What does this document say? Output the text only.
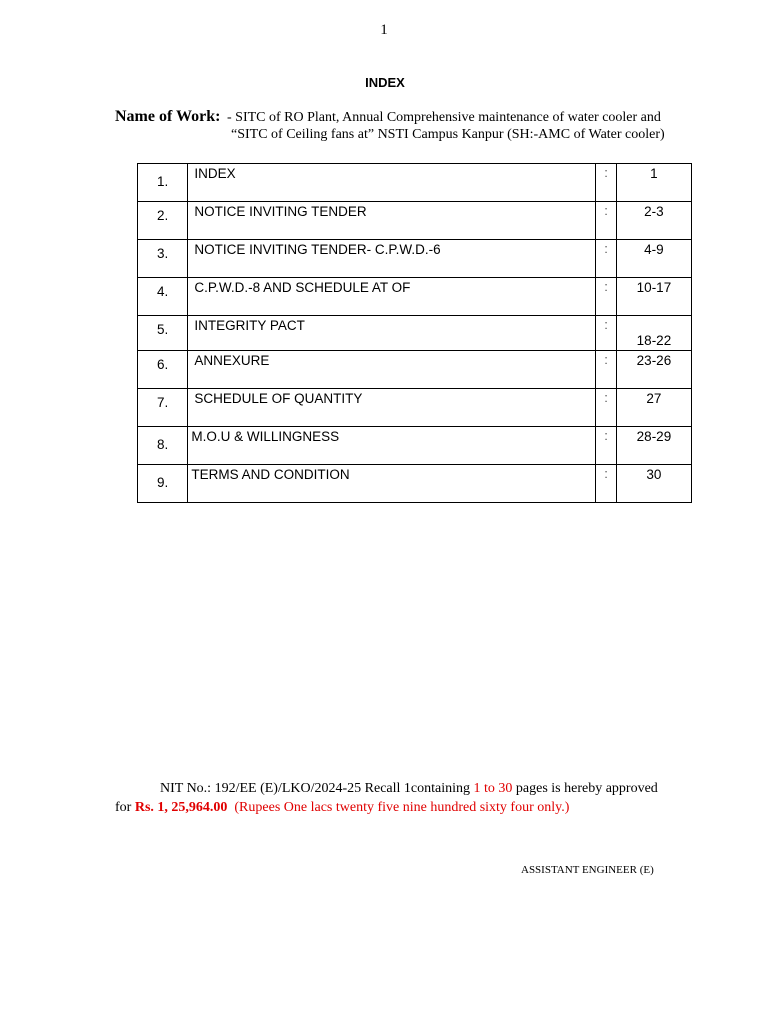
1
INDEX
Name of Work: - SITC of RO Plant, Annual Comprehensive maintenance of water cooler and
“SITC of Ceiling fans at” NSTI Campus Kanpur (SH:-AMC of Water cooler)
1.	INDEX	:	1
2.	NOTICE INVITING TENDER	:	2-3
3.	NOTICE INVITING TENDER- C.P.W.D.-6	:	4-9
4.	C.P.W.D.-8 AND SCHEDULE AT OF	:	10-17
5.	INTEGRITY PACT	:	18-22
6.	ANNEXURE	:	23-26
7.	SCHEDULE OF QUANTITY	:	27
8.	M.O.U & WILLINGNESS	:	28-29
9.	TERMS AND CONDITION	:	30
NIT No.: 192/EE (E)/LKO/2024-25 Recall 1containing 1 to 30 pages is hereby approved
for Rs. 1, 25,964.00 (Rupees One lacs twenty five nine hundred sixty four only.)
ASSISTANT ENGINEER (E)
